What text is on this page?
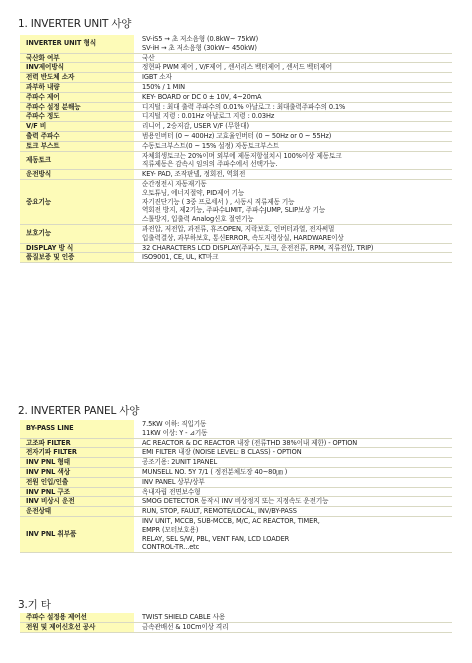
1. INVERTER UNIT 사양
INVERTER UNIT 형식	SV-iS5 → 초 저소음형 (0.8kW~ 75kW)
SV-iH → 초 저소음형 (30kW~ 450kW)

국산화 여부	국산

INV제어방식	정현파 PWM 제어 , V/F제어 , 센서리스 벡터제어 , 센서드 벡터제어

전력 반도체 소자	IGBT 소자

과부하 내량	150% / 1 MIN

주파수 제어	KEY- BOARD or DC 0 ± 10V, 4~20mA

주파수 설정 분해능	디지털 : 최대 출력 주파수의 0.01% 아날로그 : 최대출력주파수의 0.1%

주파수 정도	디지털 지령 : 0.01Hz 아날로그 지령 : 0.03Hz

V/F 비	리니어 , 2승저감, USER V/F (무한대)

출력 주파수	범용인버터 (0 ~ 400Hz) 고효율인버터 (0 ~ 50Hz or 0 ~ 55Hz)

토크 부스트	수동토크부스트(0 ~ 15% 설정) 자동토크부스트

제동토크	자체회생토크는 20%이며 외부에 제동저항설치시 100%이상 제동토크
직류제동은 감속시 임의의 주파수에서 선택가능.

운전방식	KEY- PAD, 조작판넬, 정회전, 역회전

중요기능	순간정전시 자동재기동
오토튜닝, 에너지절약, PID제어 기능
자기진단기능 ( 3중 프로세서 ) , 시동시 직류제동 기능
역회전 방지, 제2기능, 주파수LIMIT, 주파수JUMP, SLIP보상 기능
스톨방지, 입출력 Analog신호 절연기능

보호기능	과전압, 저전압, 과전류, 휴즈OPEN, 지락보호, 인버터과열, 전자써멀
입출력결상, 과부하보호, 통신ERROR, 속도지령상실, HARDWARE이상

DISPLAY 방 식	32 CHARACTERS LCD DISPLAY(주파수, 토크, 운전전류, RPM, 직류전압, TRIP)

품질보증 및 인증	ISO9001, CE, UL, KT마크
2. INVERTER PANEL 사양
BY-PASS LINE	7.5KW 이하: 직입기동
11KW 이상: Y - ⊿기동

고조파 FILTER	AC REACTOR & DC REACTOR 내장 (전류THD 38%이내 제한) - OPTION

전자기파 FILTER	EMI FILTER 내장 (NOISE LEVEL: B CLASS) - OPTION

INV PNL 형태	공조기용: 2UNIT 1PANEL

INV PNL 색상	MUNSELL NO. 5Y 7/1 ( 정전분체도장 40~80㎛ )

전원 인입/인출	INV PANEL 상부/상부

INV PNL 구조	옥내자립 전면보수형

INV 비상시 운전	SMOG DETECTOR 동작시 INV 비상정지 또는 지정속도 운전기능

운전상태	RUN, STOP, FAULT, REMOTE/LOCAL, INV/BY-PASS

INV PNL 취부품	INV UNIT, MCCB, SUB-MCCB, M/C, AC REACTOR, TIMER,
EMPR (모터보호용)
RELAY, SEL S/W, PBL, VENT FAN, LCD LOADER
CONTROL-TR...etc
3.기 타
주파수 설정용 제어선	TWIST SHIELD CABLE 사용

전원 및 제어신호선 공사	금속관배선 & 10Cm이상 격리
